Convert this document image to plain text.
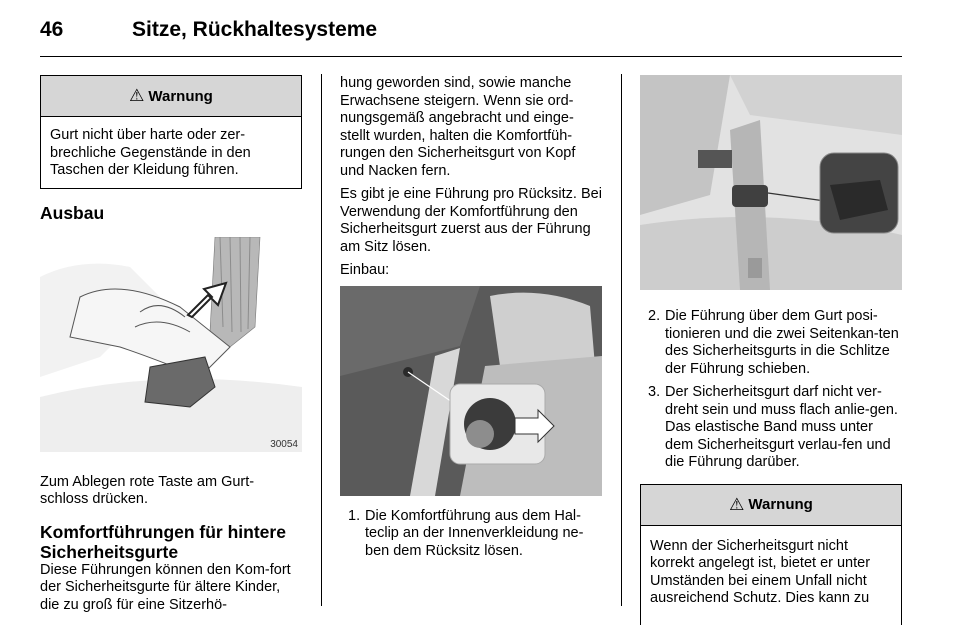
46	Sitze, Rückhaltesysteme
⚠ Warnung
Gurt nicht über harte oder zer-brechliche Gegenstände in den Taschen der Kleidung führen.
Ausbau
30054
Zum Ablegen rote Taste am Gurt-schloss drücken.
Komfortführungen für hintere Sicherheitsgurte
Diese Führungen können den Kom-fort der Sicherheitsgurte für ältere Kinder, die zu groß für eine Sitzerhö-
hung geworden sind, sowie manche Erwachsene steigern. Wenn sie ord-nungsgemäß angebracht und einge-stellt wurden, halten die Komfortfüh-rungen den Sicherheitsgurt von Kopf und Nacken fern.
Es gibt je eine Führung pro Rücksitz. Bei Verwendung der Komfortführung den Sicherheitsgurt zuerst aus der Führung am Sitz lösen.
Einbau:
1. Die Komfortführung aus dem Hal-teclip an der Innenverkleidung ne-ben dem Rücksitz lösen.
2. Die Führung über dem Gurt posi-tionieren und die zwei Seitenkan-ten des Sicherheitsgurts in die Schlitze der Führung schieben.
3. Der Sicherheitsgurt darf nicht ver-dreht sein und muss flach anlie-gen. Das elastische Band muss unter dem Sicherheitsgurt verlau-fen und die Führung darüber.
⚠ Warnung
Wenn der Sicherheitsgurt nicht korrekt angelegt ist, bietet er unter Umständen bei einem Unfall nicht ausreichend Schutz. Dies kann zu
